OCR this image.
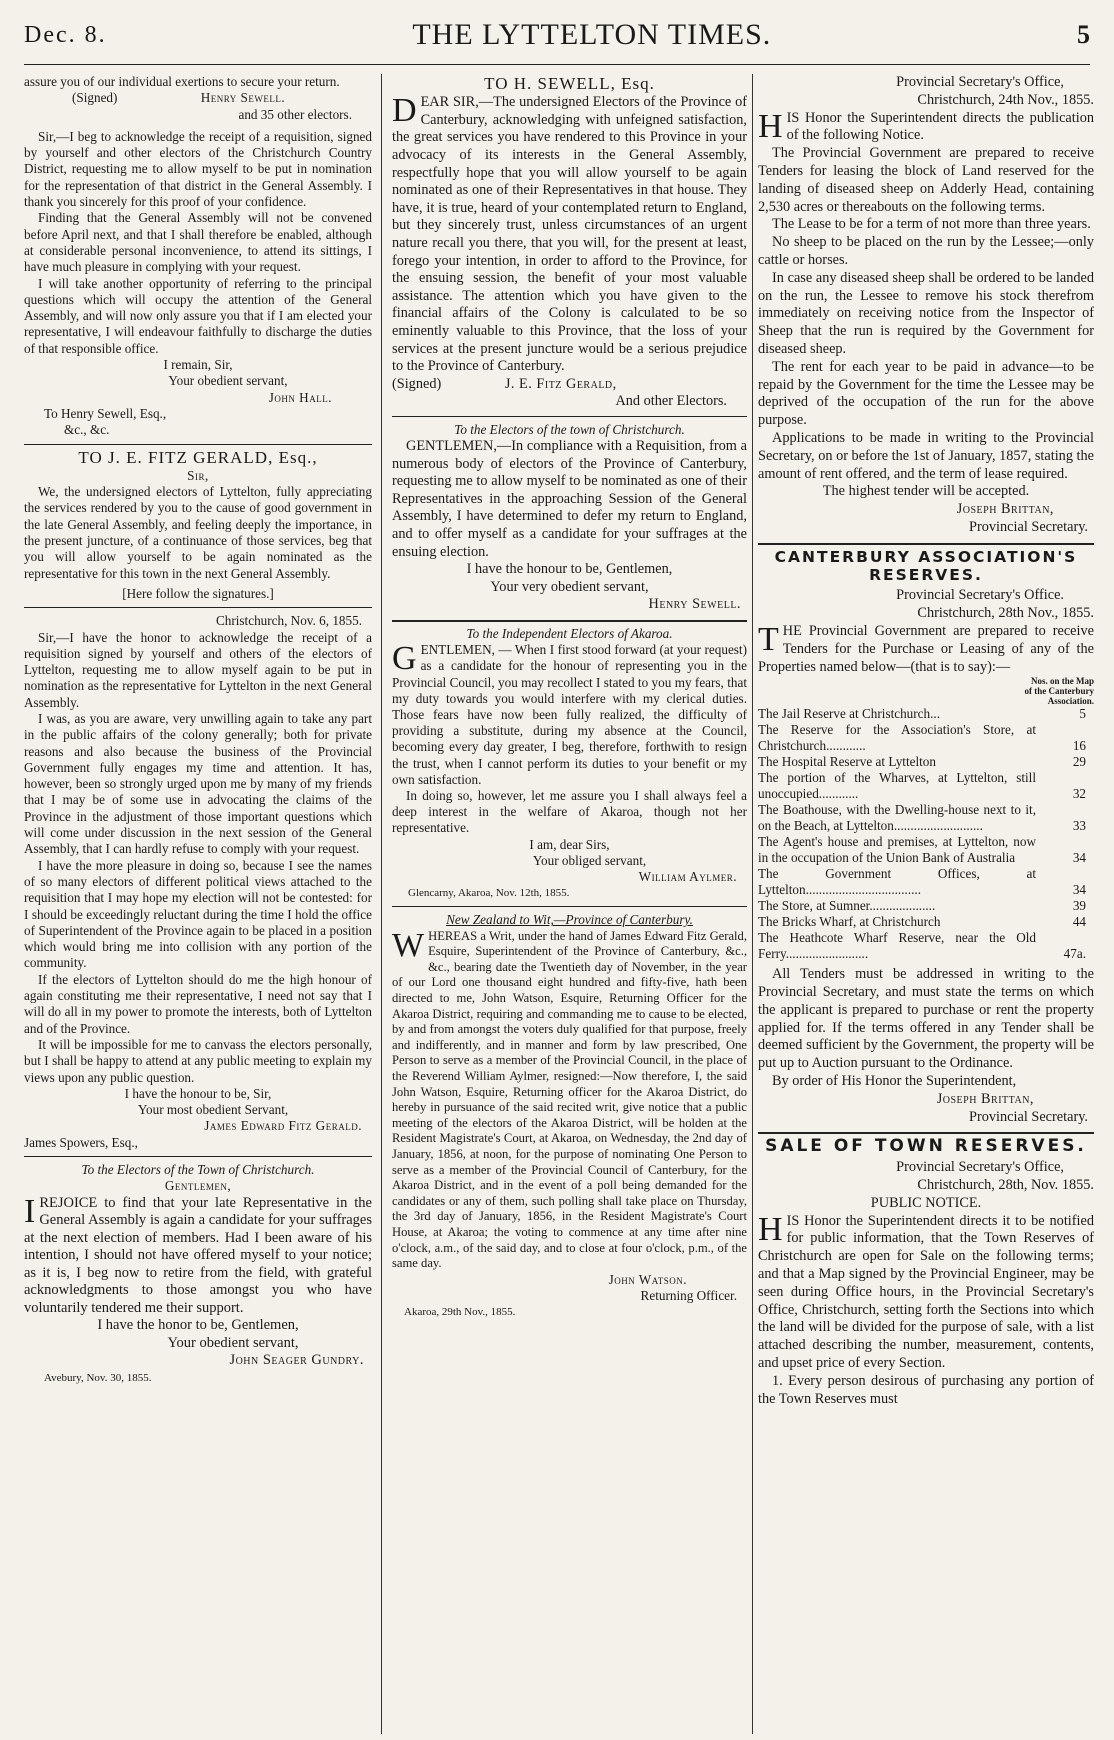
Dec. 8.	THE LYTTELTON TIMES.	5

assure you of our individual exertions to secure your return.

(Signed)	Henry Sewell.

and 35 other electors.

Sir,—I beg to acknowledge the receipt of a requisition, signed by yourself and other electors of the Christchurch Country District, requesting me to allow myself to be put in nomination for the representation of that district in the General Assembly. I thank you sincerely for this proof of your confidence.

Finding that the General Assembly will not be convened before April next, and that I shall therefore be enabled, although at considerable personal inconvenience, to attend its sittings, I have much pleasure in complying with your request.

I will take another opportunity of referring to the principal questions which will occupy the attention of the General Assembly, and will now only assure you that if I am elected your representative, I will endeavour faithfully to discharge the duties of that responsible office.

I remain, Sir,

Your obedient servant,

John Hall.

To Henry Sewell, Esq.,

&c., &c.

TO J. E. FITZ GERALD, Esq.,

Sir,

We, the undersigned electors of Lyttelton, fully appreciating the services rendered by you to the cause of good government in the late General Assembly, and feeling deeply the importance, in the present juncture, of a continuance of those services, beg that you will allow yourself to be again nominated as the representative for this town in the next General Assembly.

[Here follow the signatures.]

Christchurch, Nov. 6, 1855.

Sir,—I have the honor to acknowledge the receipt of a requisition signed by yourself and others of the electors of Lyttelton, requesting me to allow myself again to be put in nomination as the representative for Lyttelton in the next General Assembly.

I was, as you are aware, very unwilling again to take any part in the public affairs of the colony generally; both for private reasons and also because the business of the Provincial Government fully engages my time and attention. It has, however, been so strongly urged upon me by many of my friends that I may be of some use in advocating the claims of the Province in the adjustment of those important questions which will come under discussion in the next session of the General Assembly, that I can hardly refuse to comply with your request.

I have the more pleasure in doing so, because I see the names of so many electors of different political views attached to the requisition that I may hope my election will not be contested: for I should be exceedingly reluctant during the time I hold the office of Superintendent of the Province again to be placed in a position which would bring me into collision with any portion of the community.

If the electors of Lyttelton should do me the high honour of again constituting me their representative, I need not say that I will do all in my power to promote the interests, both of Lyttelton and of the Province.

It will be impossible for me to canvass the electors personally, but I shall be happy to attend at any public meeting to explain my views upon any public question.

I have the honour to be, Sir,

Your most obedient Servant,

James Edward Fitz Gerald.

James Spowers, Esq.,

To the Electors of the Town of Christchurch.

Gentlemen,

I REJOICE to find that your late Representative in the General Assembly is again a candidate for your suffrages at the next election of members. Had I been aware of his intention, I should not have offered myself to your notice; as it is, I beg now to retire from the field, with grateful acknowledgments to those amongst you who have voluntarily tendered me their support.

I have the honor to be, Gentlemen,

Your obedient servant,

John Seager Gundry.

Avebury, Nov. 30, 1855.

TO H. SEWELL, Esq.

D EAR SIR,—The undersigned Electors of the Province of Canterbury, acknowledging with unfeigned satisfaction, the great services you have rendered to this Province in your advocacy of its interests in the General Assembly, respectfully hope that you will allow yourself to be again nominated as one of their Representatives in that house. They have, it is true, heard of your contemplated return to England, but they sincerely trust, unless circumstances of an urgent nature recall you there, that you will, for the present at least, forego your intention, in order to afford to the Province, for the ensuing session, the benefit of your most valuable assistance. The attention which you have given to the financial affairs of the Colony is calculated to be so eminently valuable to this Province, that the loss of your services at the present juncture would be a serious prejudice to the Province of Canterbury.

(Signed)	J. E. Fitz Gerald,

And other Electors.

To the Electors of the town of Christchurch.

GENTLEMEN,—In compliance with a Requisition, from a numerous body of electors of the Province of Canterbury, requesting me to allow myself to be nominated as one of their Representatives in the approaching Session of the General Assembly, I have determined to defer my return to England, and to offer myself as a candidate for your suffrages at the ensuing election.

I have the honour to be, Gentlemen,

Your very obedient servant,

Henry Sewell.

To the Independent Electors of Akaroa.

G ENTLEMEN, — When I first stood forward (at your request) as a candidate for the honour of representing you in the Provincial Council, you may recollect I stated to you my fears, that my duty towards you would interfere with my clerical duties. Those fears have now been fully realized, the difficulty of providing a substitute, during my absence at the Council, becoming every day greater, I beg, therefore, forthwith to resign the trust, when I cannot perform its duties to your benefit or my own satisfaction.

In doing so, however, let me assure you I shall always feel a deep interest in the welfare of Akaroa, though not her representative.

I am, dear Sirs,

Your obliged servant,

William Aylmer.

Glencarny, Akaroa, Nov. 12th, 1855.

New Zealand to Wit,—Province of Canterbury.

W HEREAS a Writ, under the hand of James Edward Fitz Gerald, Esquire, Superintendent of the Province of Canterbury, &c., &c., bearing date the Twentieth day of November, in the year of our Lord one thousand eight hundred and fifty-five, hath been directed to me, John Watson, Esquire, Returning Officer for the Akaroa District, requiring and commanding me to cause to be elected, by and from amongst the voters duly qualified for that purpose, freely and indifferently, and in manner and form by law prescribed, One Person to serve as a member of the Provincial Council, in the place of the Reverend William Aylmer, resigned:—Now therefore, I, the said John Watson, Esquire, Returning officer for the Akaroa District, do hereby in pursuance of the said recited writ, give notice that a public meeting of the electors of the Akaroa District, will be holden at the Resident Magistrate's Court, at Akaroa, on Wednesday, the 2nd day of January, 1856, at noon, for the purpose of nominating One Person to serve as a member of the Provincial Council of Canterbury, for the Akaroa District, and in the event of a poll being demanded for the candidates or any of them, such polling shall take place on Thursday, the 3rd day of January, 1856, in the Resident Magistrate's Court House, at Akaroa; the voting to commence at any time after nine o'clock, a.m., of the said day, and to close at four o'clock, p.m., of the same day.

John Watson.

Returning Officer.

Akaroa, 29th Nov., 1855.

Provincial Secretary's Office,

Christchurch, 24th Nov., 1855.

H IS Honor the Superintendent directs the publication of the following Notice.

The Provincial Government are prepared to receive Tenders for leasing the block of Land reserved for the landing of diseased sheep on Adderly Head, containing 2,530 acres or thereabouts on the following terms.

The Lease to be for a term of not more than three years.

No sheep to be placed on the run by the Lessee;—only cattle or horses.

In case any diseased sheep shall be ordered to be landed on the run, the Lessee to remove his stock therefrom immediately on receiving notice from the Inspector of Sheep that the run is required by the Government for diseased sheep.

The rent for each year to be paid in advance—to be repaid by the Government for the time the Lessee may be deprived of the occupation of the run for the above purpose.

Applications to be made in writing to the Provincial Secretary, on or before the 1st of January, 1857, stating the amount of rent offered, and the term of lease required.

The highest tender will be accepted.

Joseph Brittan,

Provincial Secretary.

CANTERBURY ASSOCIATION'S RESERVES.

Provincial Secretary's Office.

Christchurch, 28th Nov., 1855.

T HE Provincial Government are prepared to receive Tenders for the Purchase or Leasing of any of the Properties named below—(that is to say):—

Nos. on the Map of the Canterbury Association.
The Jail Reserve at Christchurch...	5
The Reserve for the Association's Store, at Christchurch............	16
The Hospital Reserve at Lyttelton	29
The portion of the Wharves, at Lyttelton, still unoccupied............	32
The Boathouse, with the Dwelling-house next to it, on the Beach, at Lyttelton...........................	33
The Agent's house and premises, at Lyttelton, now in the occupation of the Union Bank of Australia	34
The Government Offices, at Lyttelton...................................	34
The Store, at Sumner....................	39
The Bricks Wharf, at Christchurch	44
The Heathcote Wharf Reserve, near the Old Ferry.........................	47a.

All Tenders must be addressed in writing to the Provincial Secretary, and must state the terms on which the applicant is prepared to purchase or rent the property applied for. If the terms offered in any Tender shall be deemed sufficient by the Government, the property will be put up to Auction pursuant to the Ordinance.

By order of His Honor the Superintendent,

Joseph Brittan,

Provincial Secretary.

SALE OF TOWN RESERVES.

Provincial Secretary's Office,

Christchurch, 28th, Nov. 1855.

PUBLIC NOTICE.

H IS Honor the Superintendent directs it to be notified for public information, that the Town Reserves of Christchurch are open for Sale on the following terms; and that a Map signed by the Provincial Engineer, may be seen during Office hours, in the Provincial Secretary's Office, Christchurch, setting forth the Sections into which the land will be divided for the purpose of sale, with a list attached describing the number, measurement, contents, and upset price of every Section.

1. Every person desirous of purchasing any portion of the Town Reserves must
